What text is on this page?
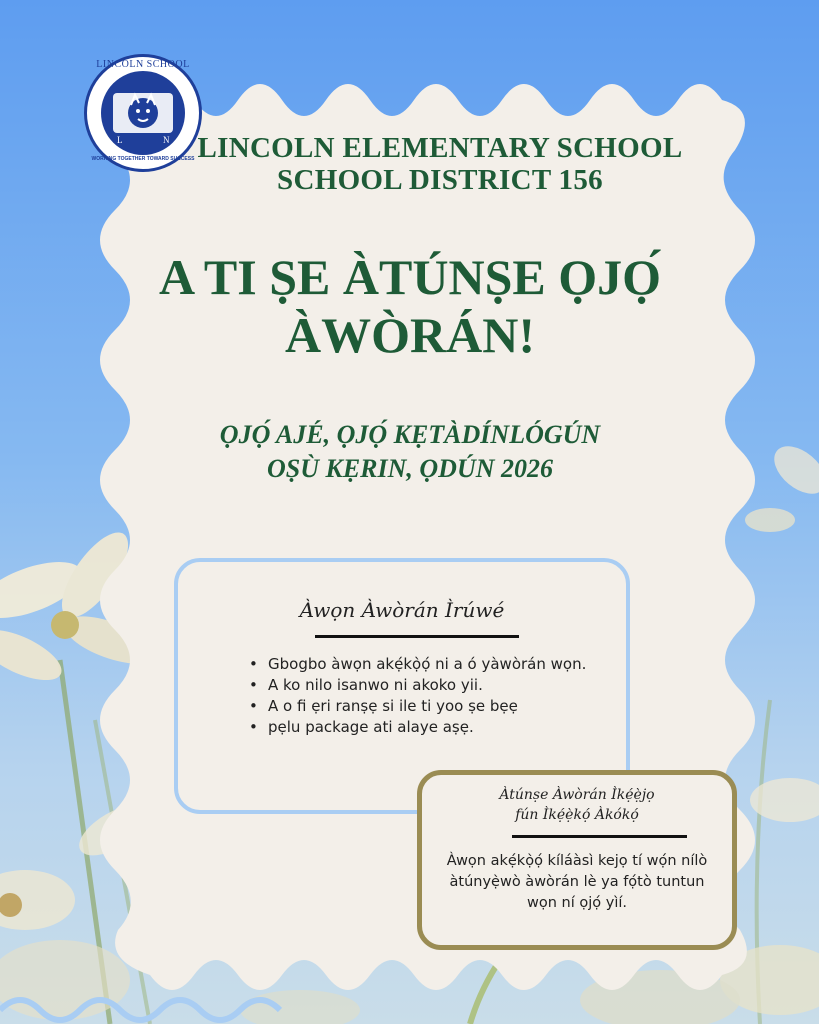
LINCOLN SCHOOL
L	N
WORKING TOGETHER TOWARD SUCCESS LINCOLN ELEMENTARY SCHOOL
SCHOOL DISTRICT 156
A TI ṢE ÀTÚNṢE ỌJỌ́
ÀWÒRÁN!
ỌJỌ́ AJÉ, ỌJỌ́ KẸTÀDÍNLÓGÚN
OṢÙ KẸRIN, ỌDÚN 2026
Àwọn Àwòrán Ìrúwé
• Gbogbo àwọn akẹ́kọ̀ọ́ ni a ó yàwòrán wọn.
• A ko nilo isanwo ni akoko yii.
• A o fi ẹri ranṣẹ si ile ti yoo ṣe bẹẹ
• pẹlu package ati alaye aṣẹ.
Àtúnṣe Àwòrán Ìkẹ́ẹ̀jọ
fún Ìkẹ́ẹ̀kọ́ Àkókọ́
Àwọn akẹ́kọ̀ọ́ kíláàsì kejọ tí wọ́n nílò àtúnyẹ̀wò àwòrán lè ya fọ́tò tuntun wọn ní ọjọ́ yìí.
